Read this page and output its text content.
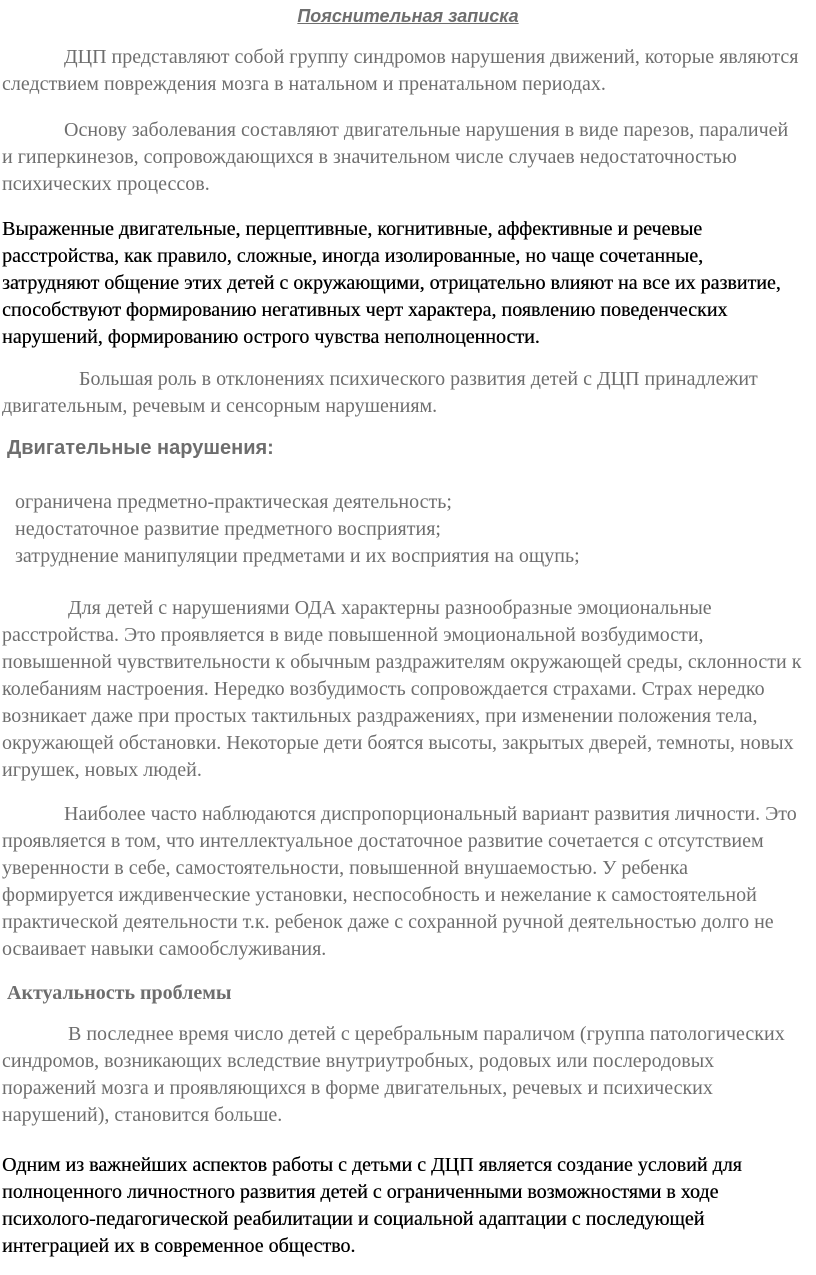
Пояснительная записка

ДЦП представляют собой группу синдромов нарушения движений, которые являются следствием повреждения мозга в натальном и пренатальном периодах.

Основу заболевания составляют двигательные нарушения в виде парезов, параличей и гиперкинезов, сопровождающихся в значительном числе случаев недостаточностью психических процессов.

Выраженные двигательные, перцептивные, когнитивные, аффективные и речевые расстройства, как правило, сложные, иногда изолированные, но чаще сочетанные, затрудняют общение этих детей с окружающими, отрицательно влияют на все их развитие, способствуют формированию негативных черт характера, появлению поведенческих нарушений, формированию острого чувства неполноценности.

Большая роль в отклонениях психического развития детей с ДЦП принадлежит двигательным, речевым и сенсорным нарушениям.

Двигательные нарушения:
ограничена предметно-практическая деятельность;
недостаточное развитие предметного восприятия;
затруднение манипуляции предметами и их восприятия на ощупь;

Для детей с нарушениями ОДА характерны разнообразные эмоциональные расстройства. Это проявляется в виде повышенной эмоциональной возбудимости, повышенной чувствительности к обычным раздражителям окружающей среды, склонности к колебаниям настроения. Нередко возбудимость сопровождается страхами. Страх нередко возникает даже при простых тактильных раздражениях, при изменении положения тела, окружающей обстановки. Некоторые дети боятся высоты, закрытых дверей, темноты, новых игрушек, новых людей.

Наиболее часто наблюдаются диспропорциональный вариант развития личности. Это проявляется в том, что интеллектуальное достаточное развитие сочетается с отсутствием уверенности в себе, самостоятельности, повышенной внушаемостью. У ребенка формируется иждивенческие установки, неспособность и нежелание к самостоятельной практической деятельности т.к. ребенок даже с сохранной ручной деятельностью долго не осваивает навыки самообслуживания.

Актуальность проблемы

В последнее время число детей с церебральным параличом (группа патологических синдромов, возникающих вследствие внутриутробных, родовых или послеродовых поражений мозга и проявляющихся в форме двигательных, речевых и психических нарушений), становится больше.

Одним из важнейших аспектов работы с детьми с ДЦП является создание условий для полноценного личностного развития детей с ограниченными возможностями в ходе психолого-педагогической реабилитации и социальной адаптации с последующей интеграцией их в современное общество.
